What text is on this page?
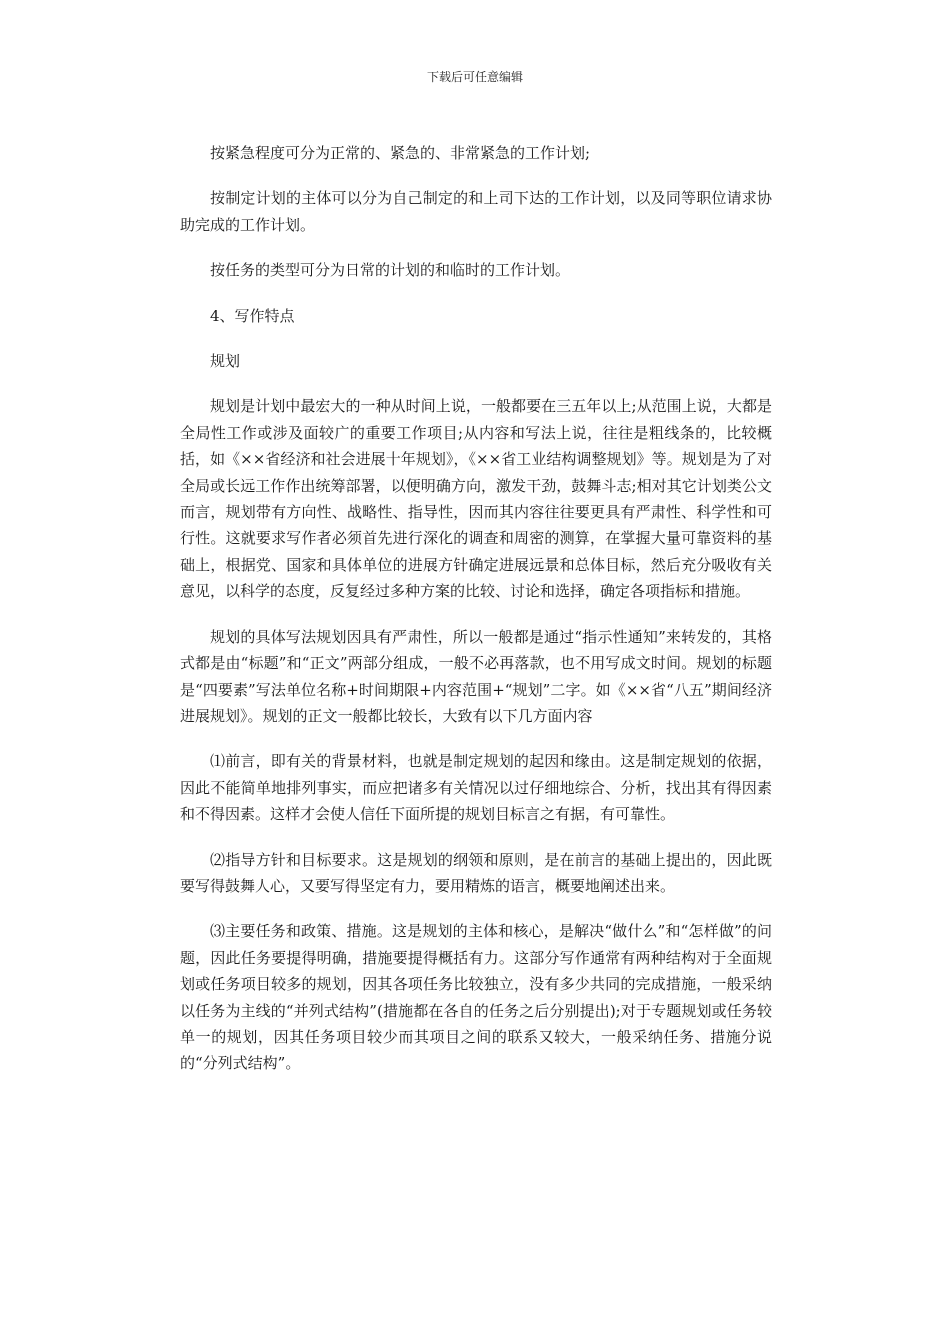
下载后可任意编辑

按紧急程度可分为正常的、紧急的、非常紧急的工作计划;

按制定计划的主体可以分为自己制定的和上司下达的工作计划，以及同等职位请求协助完成的工作计划。

按任务的类型可分为日常的计划的和临时的工作计划。

4、写作特点

规划

规划是计划中最宏大的一种从时间上说，一般都要在三五年以上;从范围上说，大都是全局性工作或涉及面较广的重要工作项目;从内容和写法上说，往往是粗线条的，比较概括，如《××省经济和社会进展十年规划》，《××省工业结构调整规划》等。规划是为了对全局或长远工作作出统筹部署，以便明确方向，激发干劲，鼓舞斗志;相对其它计划类公文而言，规划带有方向性、战略性、指导性，因而其内容往往要更具有严肃性、科学性和可行性。这就要求写作者必须首先进行深化的调查和周密的测算，在掌握大量可靠资料的基础上，根据党、国家和具体单位的进展方针确定进展远景和总体目标，然后充分吸收有关意见，以科学的态度，反复经过多种方案的比较、讨论和选择，确定各项指标和措施。

规划的具体写法规划因具有严肃性，所以一般都是通过“指示性通知”来转发的，其格式都是由“标题”和“正文”两部分组成，一般不必再落款，也不用写成文时间。规划的标题是“四要素”写法单位名称+时间期限+内容范围+“规划”二字。如《××省“八五”期间经济进展规划》。规划的正文一般都比较长，大致有以下几方面内容

⑴前言，即有关的背景材料，也就是制定规划的起因和缘由。这是制定规划的依据，因此不能简单地排列事实，而应把诸多有关情况以过仔细地综合、分析，找出其有得因素和不得因素。这样才会使人信任下面所提的规划目标言之有据，有可靠性。

⑵指导方针和目标要求。这是规划的纲领和原则，是在前言的基础上提出的，因此既要写得鼓舞人心，又要写得坚定有力，要用精炼的语言，概要地阐述出来。

⑶主要任务和政策、措施。这是规划的主体和核心，是解决“做什么”和“怎样做”的问题，因此任务要提得明确，措施要提得概括有力。这部分写作通常有两种结构对于全面规划或任务项目较多的规划，因其各项任务比较独立，没有多少共同的完成措施，一般采纳以任务为主线的“并列式结构”(措施都在各自的任务之后分别提出);对于专题规划或任务较单一的规划，因其任务项目较少而其项目之间的联系又较大，一般采纳任务、措施分说的“分列式结构”。
